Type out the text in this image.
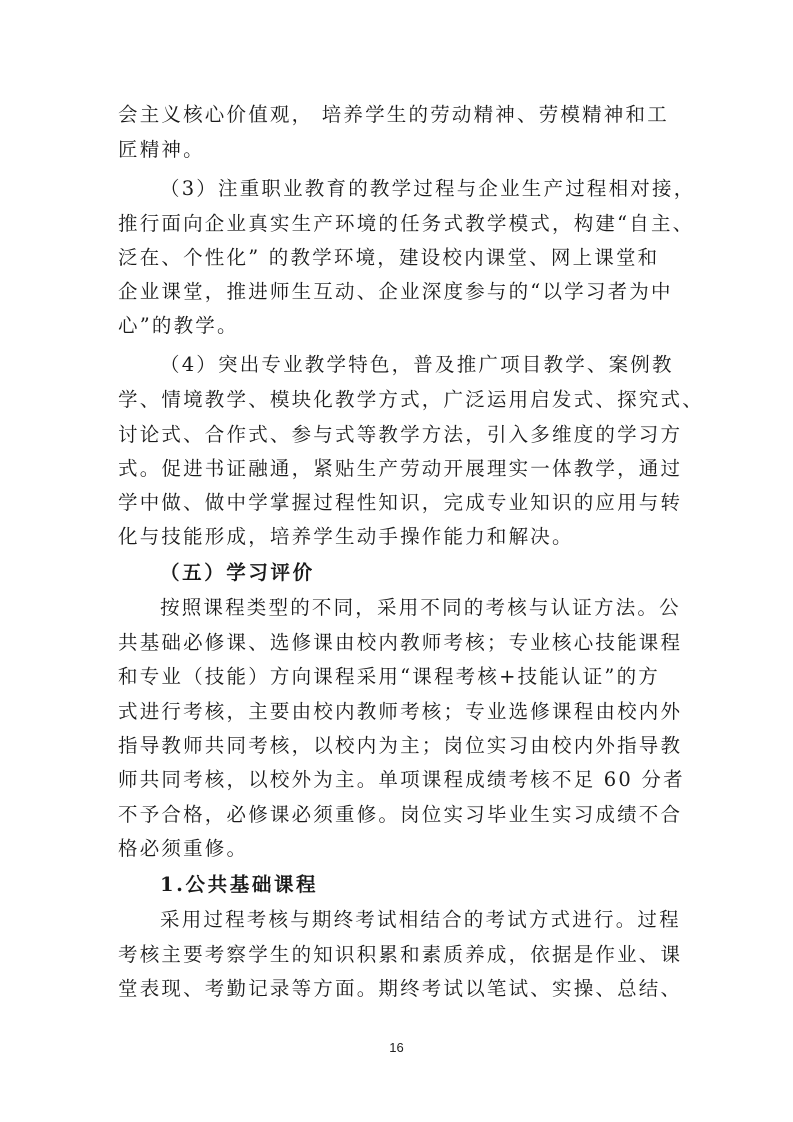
会主义核心价值观， 培养学生的劳动精神、劳模精神和工
匠精神。
（3）注重职业教育的教学过程与企业生产过程相对接，
推行面向企业真实生产环境的任务式教学模式，构建“自主、
泛在、个性化” 的教学环境，建设校内课堂、网上课堂和
企业课堂，推进师生互动、企业深度参与的“以学习者为中
心”的教学。
（4）突出专业教学特色，普及推广项目教学、案例教
学、情境教学、模块化教学方式，广泛运用启发式、探究式、
讨论式、合作式、参与式等教学方法，引入多维度的学习方
式。促进书证融通，紧贴生产劳动开展理实一体教学，通过
学中做、做中学掌握过程性知识，完成专业知识的应用与转
化与技能形成，培养学生动手操作能力和解决。
（五）学习评价
按照课程类型的不同，采用不同的考核与认证方法。公
共基础必修课、选修课由校内教师考核；专业核心技能课程
和专业（技能）方向课程采用“课程考核+技能认证”的方
式进行考核，主要由校内教师考核；专业选修课程由校内外
指导教师共同考核，以校内为主；岗位实习由校内外指导教
师共同考核，以校外为主。单项课程成绩考核不足 60 分者
不予合格，必修课必须重修。岗位实习毕业生实习成绩不合
格必须重修。
1.公共基础课程
采用过程考核与期终考试相结合的考试方式进行。过程
考核主要考察学生的知识积累和素质养成，依据是作业、课
堂表现、考勤记录等方面。期终考试以笔试、实操、总结、
16
